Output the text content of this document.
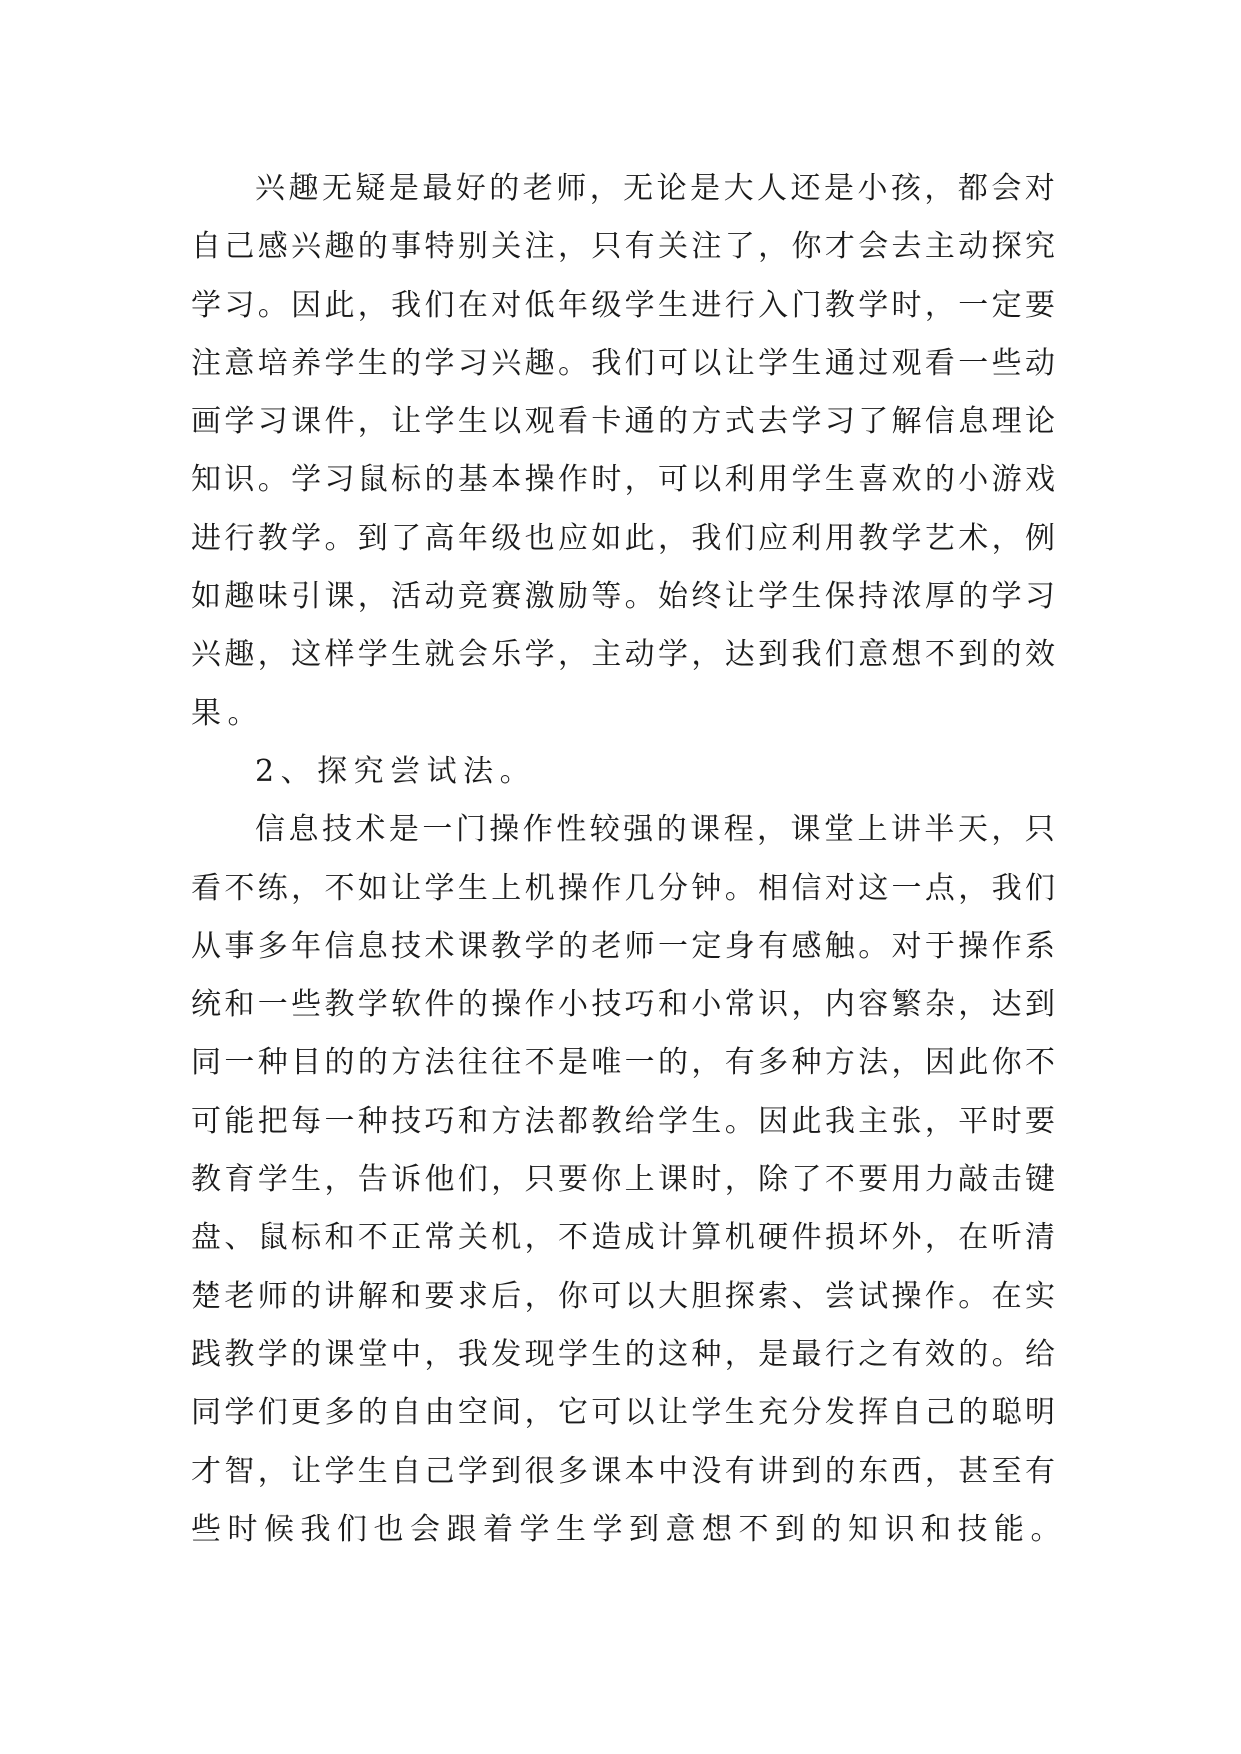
兴 趣 无 疑 是 最 好 的 老 师 ， 无 论 是 大 人 还 是 小 孩 ， 都 会 对
自 己 感 兴 趣 的 事 特 别 关 注 ， 只 有 关 注 了 ， 你 才 会 去 主 动 探 究
学 习 。 因 此 ， 我 们 在 对 低 年 级 学 生 进 行 入 门 教 学 时 ， 一 定 要
注 意 培 养 学 生 的 学 习 兴 趣 。 我 们 可 以 让 学 生 通 过 观 看 一 些 动
画 学 习 课 件 ， 让 学 生 以 观 看 卡 通 的 方 式 去 学 习 了 解 信 息 理 论
知 识 。 学 习 鼠 标 的 基 本 操 作 时 ， 可 以 利 用 学 生 喜 欢 的 小 游 戏
进 行 教 学 。 到 了 高 年 级 也 应 如 此 ， 我 们 应 利 用 教 学 艺 术 ， 例
如 趣 味 引 课 ， 活 动 竞 赛 激 励 等 。 始 终 让 学 生 保 持 浓 厚 的 学 习
兴 趣 ， 这 样 学 生 就 会 乐 学 ， 主 动 学 ， 达 到 我 们 意 想 不 到 的 效
果。
2、探究尝试法。
信 息 技 术 是 一 门 操 作 性 较 强 的 课 程 ， 课 堂 上 讲 半 天 ， 只
看 不 练 ， 不 如 让 学 生 上 机 操 作 几 分 钟 。 相 信 对 这 一 点 ， 我 们
从 事 多 年 信 息 技 术 课 教 学 的 老 师 一 定 身 有 感 触 。 对 于 操 作 系
统 和 一 些 教 学 软 件 的 操 作 小 技 巧 和 小 常 识 ， 内 容 繁 杂 ， 达 到
同 一 种 目 的 的 方 法 往 往 不 是 唯 一 的 ， 有 多 种 方 法 ， 因 此 你 不
可 能 把 每 一 种 技 巧 和 方 法 都 教 给 学 生 。 因 此 我 主 张 ， 平 时 要
教 育 学 生 ， 告 诉 他 们 ， 只 要 你 上 课 时 ， 除 了 不 要 用 力 敲 击 键
盘 、 鼠 标 和 不 正 常 关 机 ， 不 造 成 计 算 机 硬 件 损 坏 外 ， 在 听 清
楚 老 师 的 讲 解 和 要 求 后 ， 你 可 以 大 胆 探 索 、 尝 试 操 作 。 在 实
践 教 学 的 课 堂 中 ， 我 发 现 学 生 的 这 种 ， 是 最 行 之 有 效 的 。 给
同 学 们 更 多 的 自 由 空 间 ， 它 可 以 让 学 生 充 分 发 挥 自 己 的 聪 明
才 智 ， 让 学 生 自 己 学 到 很 多 课 本 中 没 有 讲 到 的 东 西 ， 甚 至 有
些时候我们也会跟着学生学到意想不到的知识和技能。
